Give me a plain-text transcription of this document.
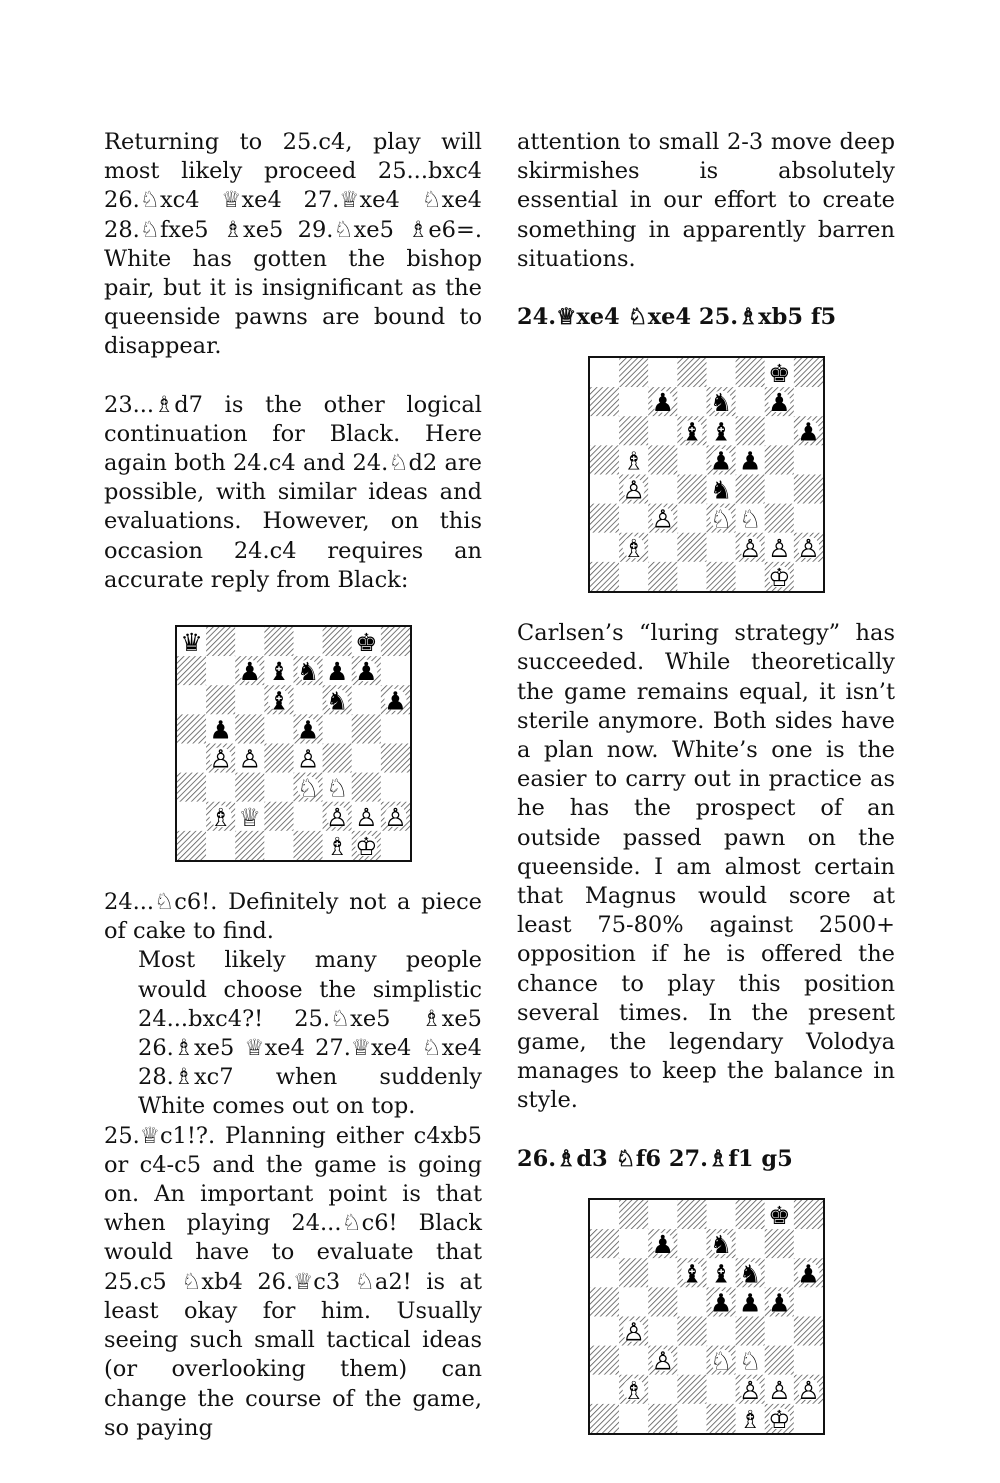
Returning to 25.c4, play will most likely proceed 25...bxc4 26.♘xc4 ♕xe4 27.♕xe4 ♘xe4 28.♘fxe5 ♗xe5 29.♘xe5 ♗e6=. White has gotten the bishop pair, but it is insignificant as the queenside pawns are bound to disappear.

23...♗d7 is the other logical continuation for Black. Here again both 24.c4 and 24.♘d2 are possible, with similar ideas and evaluations. However, on this occasion 24.c4 requires an accurate reply from Black:

♛	♚
♟ ♝ ♞ ♟ ♟
♝ ♞ ♟
♟	♟
♙ ♙ ♙
♘ ♘
♗ ♕	♙ ♙ ♙
♗ ♔

24...♘c6!. Definitely not a piece of cake to find.

Most likely many people would choose the simplistic 24...bxc4?! 25.♘xe5 ♗xe5 26.♗xe5 ♕xe4 27.♕xe4 ♘xe4 28.♗xc7 when suddenly White comes out on top.

25.♕c1!?. Planning either c4xb5 or c4-c5 and the game is going on. An important point is that when playing 24...♘c6! Black would have to evaluate that 25.c5 ♘xb4 26.♕c3 ♘a2! is at least okay for him. Usually seeing such small tactical ideas (or overlooking them) can change the course of the game, so paying

attention to small 2-3 move deep skirmishes is absolutely essential in our effort to create something in apparently barren situations.

24.♕xe4 ♘xe4 25.♗xb5 f5

♚
♟ ♞ ♟
♝ ♝	♟
♗	♟ ♟
♙	♞
♙ ♘ ♘
♗	♙ ♙ ♙
♔

Carlsen’s “luring strategy” has succeeded. While theoretically the game remains equal, it isn’t sterile anymore. Both sides have a plan now. White’s one is the easier to carry out in practice as he has the prospect of an outside passed pawn on the queenside. I am almost certain that Magnus would score at least 75-80% against 2500+ opposition if he is offered the chance to play this position several times. In the present game, the legendary Volodya manages to keep the balance in style.

26.♗d3 ♘f6 27.♗f1 g5

♚
♟ ♞
♝ ♝ ♞ ♟
♟ ♟ ♟
♙
♙ ♘ ♘
♗	♙ ♙ ♙
♗ ♔
